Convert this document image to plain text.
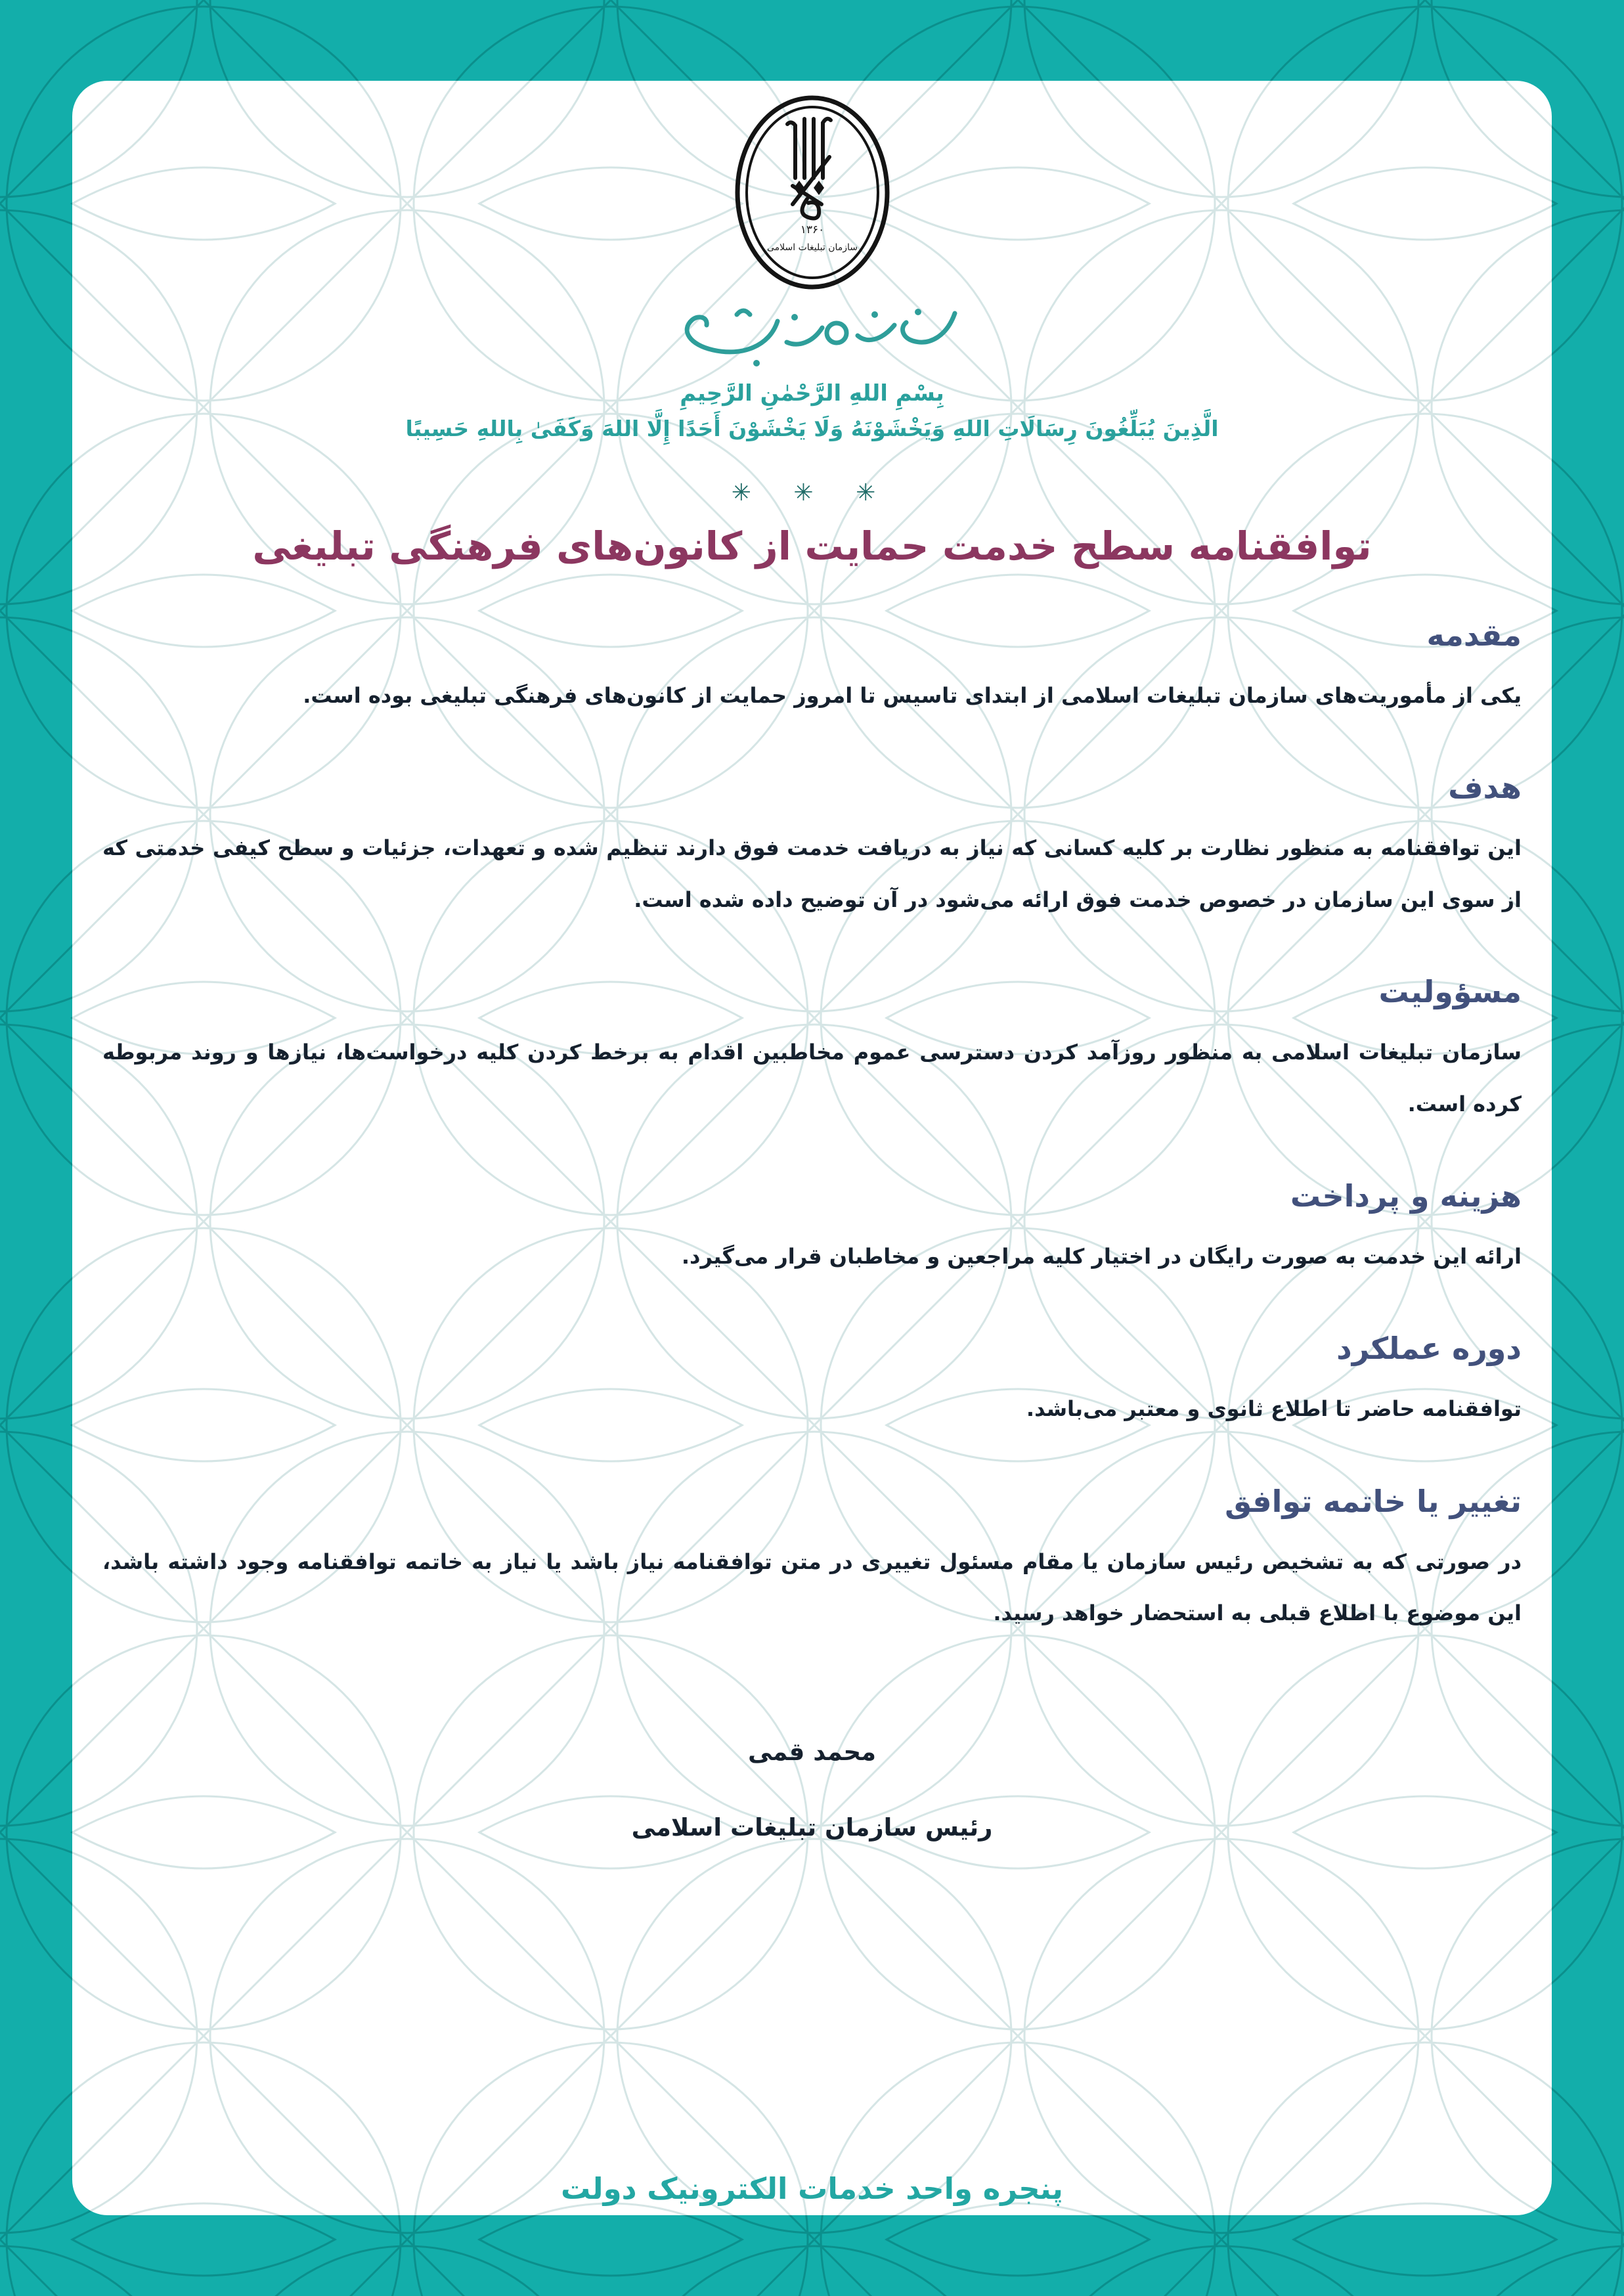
۱۳۶۰
سازمان تبلیغات اسلامی
بِسْمِ اللهِ الرَّحْمٰنِ الرَّحِيمِ
الَّذِينَ يُبَلِّغُونَ رِسَالَاتِ اللهِ وَيَخْشَوْنَهُ وَلَا يَخْشَوْنَ أَحَدًا إِلَّا اللهَ وَكَفَىٰ بِاللهِ حَسِيبًا
✳ ✳ ✳
توافقنامه سطح خدمت حمایت از کانون‌های فرهنگی تبلیغی
مقدمه

یکی از مأموریت‌های سازمان تبلیغات اسلامی از ابتدای تاسیس تا امروز حمایت از کانون‌های فرهنگی تبلیغی بوده است.

هدف

این توافقنامه به منظور نظارت بر کلیه کسانی که نیاز به دریافت خدمت فوق دارند تنظیم شده و تعهدات، جزئیات و سطح کیفی خدمتی که از سوی این سازمان در خصوص خدمت فوق ارائه می‌شود در آن توضیح داده شده است.

مسؤولیت

سازمان تبلیغات اسلامی به منظور روزآمد کردن دسترسی عموم مخاطبین اقدام به برخط کردن کلیه درخواست‌ها، نیازها و روند مربوطه کرده است.

هزینه و پرداخت

ارائه این خدمت به صورت رایگان در اختیار کلیه مراجعین و مخاطبان قرار می‌گیرد.

دوره عملکرد

توافقنامه حاضر تا اطلاع ثانوی و معتبر می‌باشد.

تغییر یا خاتمه توافق

در صورتی که به تشخیص رئیس سازمان یا مقام مسئول تغییری در متن توافقنامه نیاز باشد یا نیاز به خاتمه توافقنامه وجود داشته باشد، این موضوع با اطلاع قبلی به استحضار خواهد رسید.

محمد قمی
رئیس سازمان تبلیغات اسلامی
پنجره واحد خدمات الکترونیک دولت
